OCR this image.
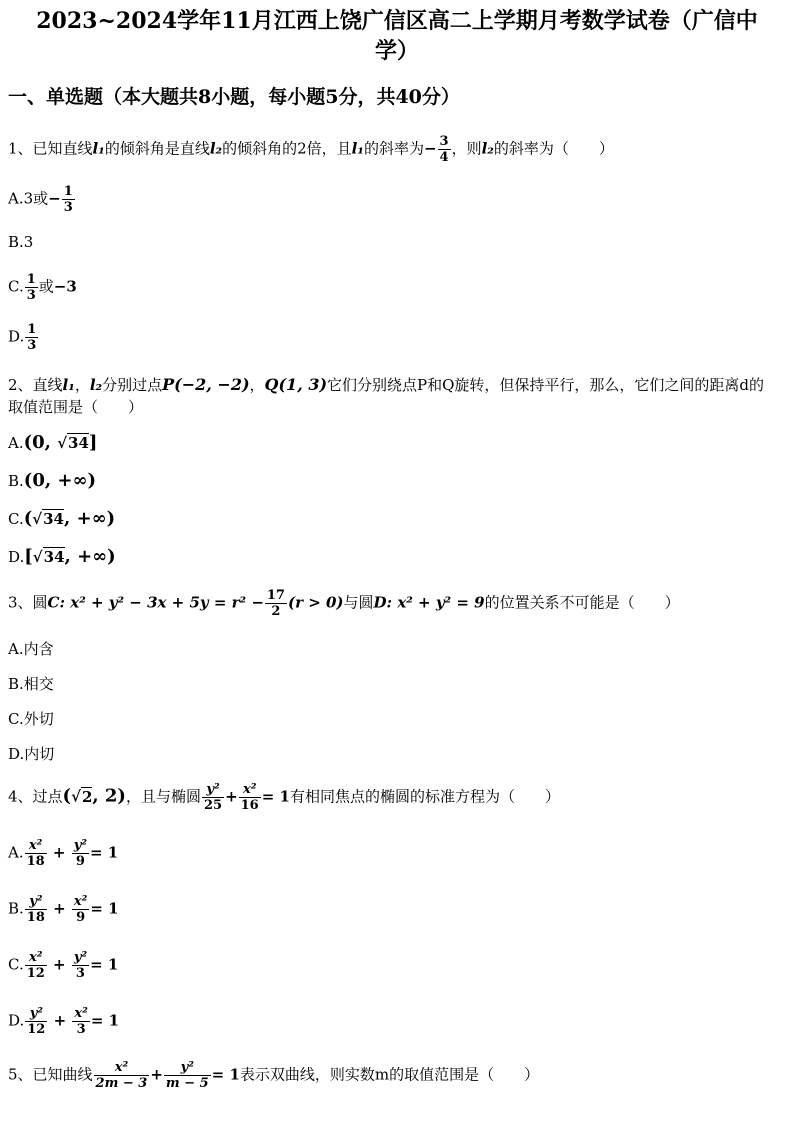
2023~2024学年11月江西上饶广信区高二上学期月考数学试卷（广信中
学）
一、单选题（本大题共8小题，每小题5分，共40分）
1、已知直线l₁的倾斜角是直线l₂的倾斜角的2倍，且l₁的斜率为− $\frac{3}{4}$ ，则l₂的斜率为（　　）
A.3或− $\frac{1}{3}$
B.3
C. $\frac{1}{3}$ 或−3
D. $\frac{1}{3}$
2、直线l₁，l₂分别过点P(−2, −2)，Q(1, 3)它们分别绕点P和Q旋转，但保持平行，那么，它们之间的距离d的
取值范围是（　　）
A.(0, √34]
B.(0, +∞)
C.(√34, +∞)
D.[√34, +∞)
3、圆C: $x^2 + y^2 - 3x + 5y = r^2 - \frac{17}{2} (r > 0)$与圆D: x² + y² = 9的位置关系不可能是（　　）
A.内含
B.相交
C.外切
D.内切
4、过点(√2, 2)，且与椭圆 $\frac{\text{y²}}{25} + \frac{\text{x²}}{16} = 1$有相同焦点的椭圆的标准方程为（　　）
A. $\frac{\text{x²}}{18} + \frac{\text{y²}}{9} = 1$
B. $\frac{\text{y²}}{18} + \frac{\text{x²}}{9} = 1$
C. $\frac{\text{x²}}{12} + \frac{\text{y²}}{3} = 1$
D. $\frac{\text{y²}}{12} + \frac{\text{x²}}{3} = 1$
5、已知曲线 $\frac{\text{x²}}{2m - 3} + \frac{\text{y²}}{m - 5} = 1$表示双曲线，则实数m的取值范围是（　　）
